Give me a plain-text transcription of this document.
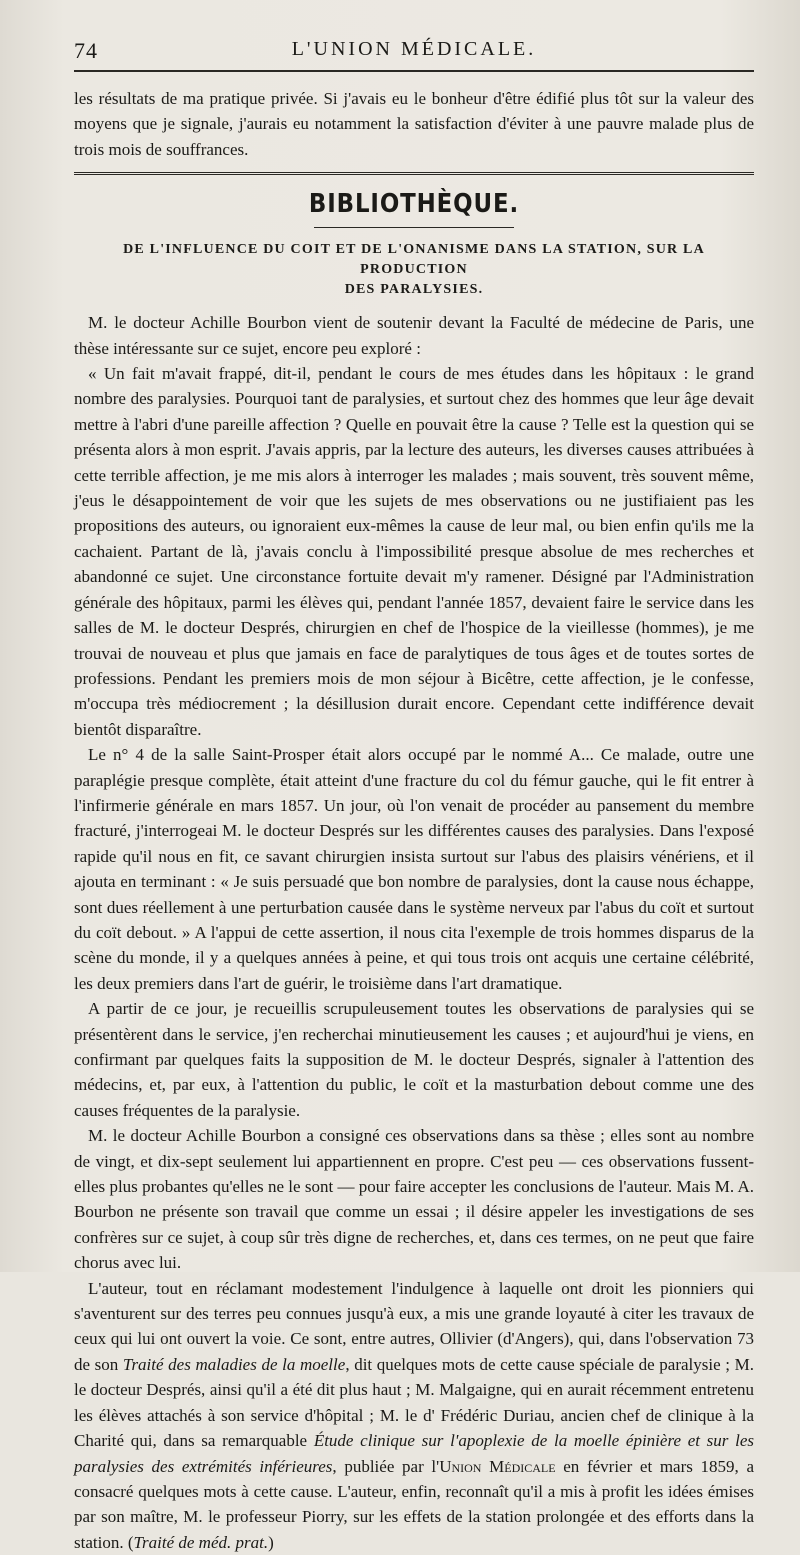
74	L'UNION MÉDICALE.

les résultats de ma pratique privée. Si j'avais eu le bonheur d'être édifié plus tôt sur la valeur des moyens que je signale, j'aurais eu notamment la satisfaction d'éviter à une pauvre malade plus de trois mois de souffrances.

BIBLIOTHÈQUE.
DE L'INFLUENCE DU COIT ET DE L'ONANISME DANS LA STATION, SUR LA PRODUCTION
DES PARALYSIES.

M. le docteur Achille Bourbon vient de soutenir devant la Faculté de médecine de Paris, une thèse intéressante sur ce sujet, encore peu exploré :

« Un fait m'avait frappé, dit-il, pendant le cours de mes études dans les hôpitaux : le grand nombre des paralysies. Pourquoi tant de paralysies, et surtout chez des hommes que leur âge devait mettre à l'abri d'une pareille affection ? Quelle en pouvait être la cause ? Telle est la question qui se présenta alors à mon esprit. J'avais appris, par la lecture des auteurs, les diverses causes attribuées à cette terrible affection, je me mis alors à interroger les malades ; mais souvent, très souvent même, j'eus le désappointement de voir que les sujets de mes observations ou ne justifiaient pas les propositions des auteurs, ou ignoraient eux-mêmes la cause de leur mal, ou bien enfin qu'ils me la cachaient. Partant de là, j'avais conclu à l'impossibilité presque absolue de mes recherches et abandonné ce sujet. Une circonstance fortuite devait m'y ramener. Désigné par l'Administration générale des hôpitaux, parmi les élèves qui, pendant l'année 1857, devaient faire le service dans les salles de M. le docteur Després, chirurgien en chef de l'hospice de la vieillesse (hommes), je me trouvai de nouveau et plus que jamais en face de paralytiques de tous âges et de toutes sortes de professions. Pendant les premiers mois de mon séjour à Bicêtre, cette affection, je le confesse, m'occupa très médiocrement ; la désillusion durait encore. Cependant cette indifférence devait bientôt disparaître.

Le n° 4 de la salle Saint-Prosper était alors occupé par le nommé A... Ce malade, outre une paraplégie presque complète, était atteint d'une fracture du col du fémur gauche, qui le fit entrer à l'infirmerie générale en mars 1857. Un jour, où l'on venait de procéder au pansement du membre fracturé, j'interrogeai M. le docteur Després sur les différentes causes des paralysies. Dans l'exposé rapide qu'il nous en fit, ce savant chirurgien insista surtout sur l'abus des plaisirs vénériens, et il ajouta en terminant : « Je suis persuadé que bon nombre de paralysies, dont la cause nous échappe, sont dues réellement à une perturbation causée dans le système nerveux par l'abus du coït et surtout du coït debout. » A l'appui de cette assertion, il nous cita l'exemple de trois hommes disparus de la scène du monde, il y a quelques années à peine, et qui tous trois ont acquis une certaine célébrité, les deux premiers dans l'art de guérir, le troisième dans l'art dramatique.

A partir de ce jour, je recueillis scrupuleusement toutes les observations de paralysies qui se présentèrent dans le service, j'en recherchai minutieusement les causes ; et aujourd'hui je viens, en confirmant par quelques faits la supposition de M. le docteur Després, signaler à l'attention des médecins, et, par eux, à l'attention du public, le coït et la masturbation debout comme une des causes fréquentes de la paralysie.

M. le docteur Achille Bourbon a consigné ces observations dans sa thèse ; elles sont au nombre de vingt, et dix-sept seulement lui appartiennent en propre. C'est peu — ces observations fussent-elles plus probantes qu'elles ne le sont — pour faire accepter les conclusions de l'auteur. Mais M. A. Bourbon ne présente son travail que comme un essai ; il désire appeler les investigations de ses confrères sur ce sujet, à coup sûr très digne de recherches, et, dans ces termes, on ne peut que faire chorus avec lui.

L'auteur, tout en réclamant modestement l'indulgence à laquelle ont droit les pionniers qui s'aventurent sur des terres peu connues jusqu'à eux, a mis une grande loyauté à citer les travaux de ceux qui lui ont ouvert la voie. Ce sont, entre autres, Ollivier (d'Angers), qui, dans l'observation 73 de son Traité des maladies de la moelle, dit quelques mots de cette cause spéciale de paralysie ; M. le docteur Després, ainsi qu'il a été dit plus haut ; M. Malgaigne, qui en aurait récemment entretenu les élèves attachés à son service d'hôpital ; M. le d' Frédéric Duriau, ancien chef de clinique à la Charité qui, dans sa remarquable Étude clinique sur l'apoplexie de la moelle épinière et sur les paralysies des extrémités inférieures, publiée par l'Union Médicale en février et mars 1859, a consacré quelques mots à cette cause. L'auteur, enfin, reconnaît qu'il a mis à profit les idées émises par son maître, M. le professeur Piorry, sur les effets de la station prolongée et des efforts dans la station. (Traité de méd. prat.)
